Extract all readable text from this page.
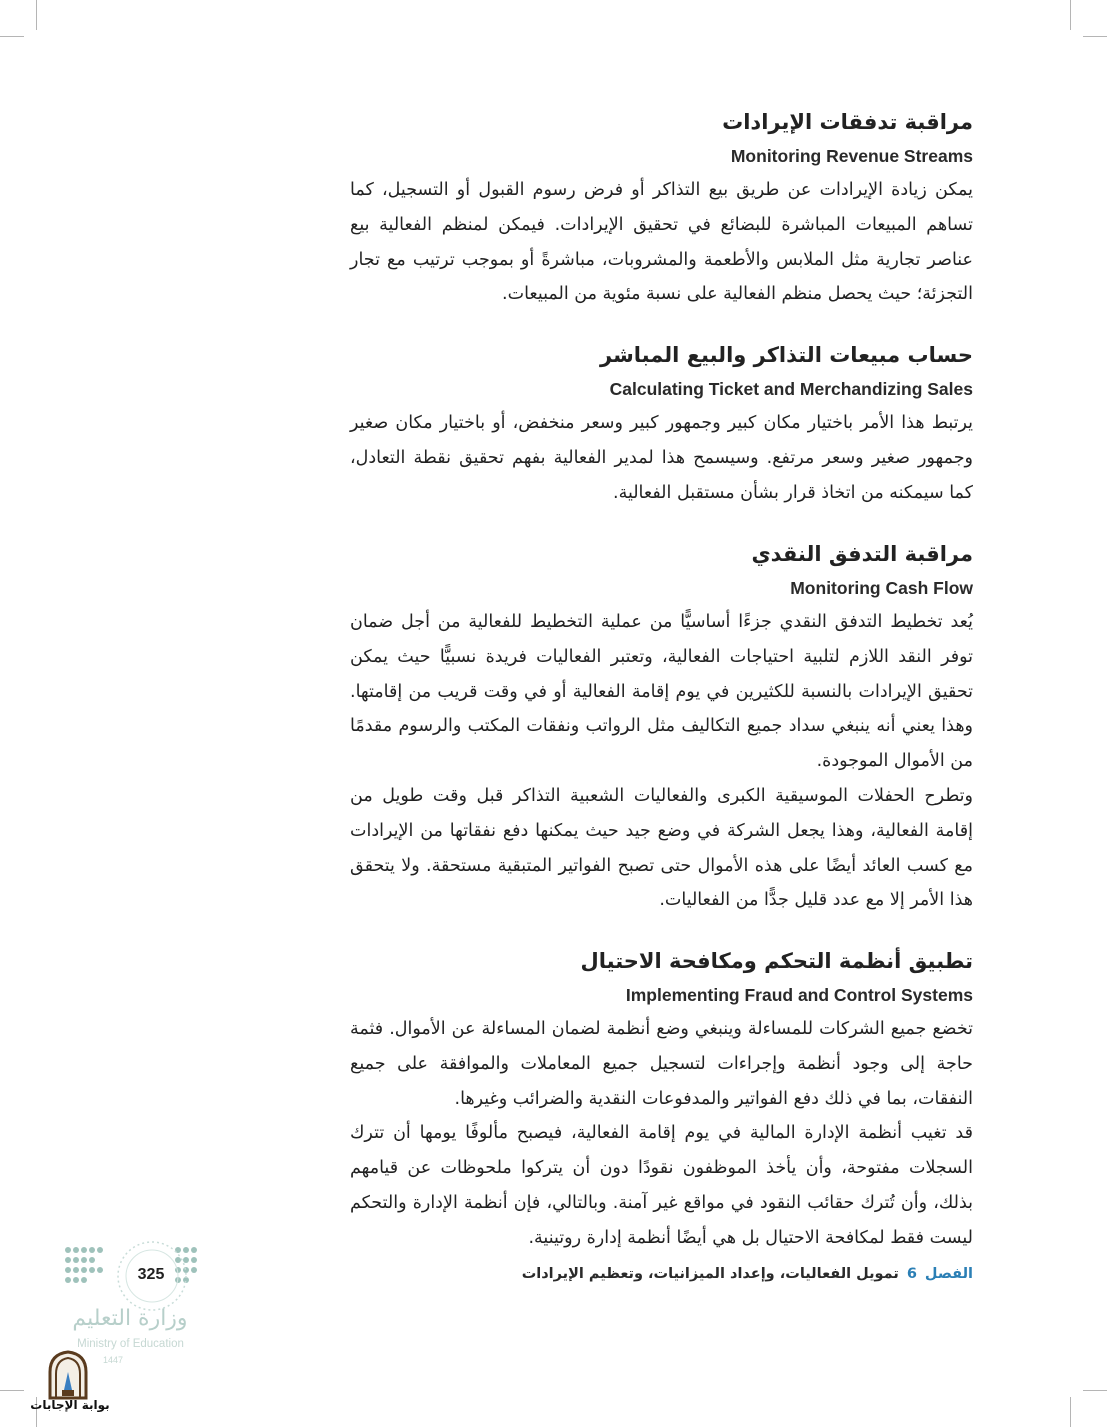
مراقبة تدفقات الإيرادات
Monitoring Revenue Streams

يمكن زيادة الإيرادات عن طريق بيع التذاكر أو فرض رسوم القبول أو التسجيل، كما تساهم المبيعات المباشرة للبضائع في تحقيق الإيرادات. فيمكن لمنظم الفعالية بيع عناصر تجارية مثل الملابس والأطعمة والمشروبات، مباشرةً أو بموجب ترتيب مع تجار التجزئة؛ حيث يحصل منظم الفعالية على نسبة مئوية من المبيعات.

حساب مبيعات التذاكر والبيع المباشر
Calculating Ticket and Merchandizing Sales

يرتبط هذا الأمر باختيار مكان كبير وجمهور كبير وسعر منخفض، أو باختيار مكان صغير وجمهور صغير وسعر مرتفع. وسيسمح هذا لمدير الفعالية بفهم تحقيق نقطة التعادل، كما سيمكنه من اتخاذ قرار بشأن مستقبل الفعالية.

مراقبة التدفق النقدي
Monitoring Cash Flow

يُعد تخطيط التدفق النقدي جزءًا أساسيًّا من عملية التخطيط للفعالية من أجل ضمان توفر النقد اللازم لتلبية احتياجات الفعالية، وتعتبر الفعاليات فريدة نسبيًّا حيث يمكن تحقيق الإيرادات بالنسبة للكثيرين في يوم إقامة الفعالية أو في وقت قريب من إقامتها. وهذا يعني أنه ينبغي سداد جميع التكاليف مثل الرواتب ونفقات المكتب والرسوم مقدمًا من الأموال الموجودة.

وتطرح الحفلات الموسيقية الكبرى والفعاليات الشعبية التذاكر قبل وقت طويل من إقامة الفعالية، وهذا يجعل الشركة في وضع جيد حيث يمكنها دفع نفقاتها من الإيرادات مع كسب العائد أيضًا على هذه الأموال حتى تصبح الفواتير المتبقية مستحقة. ولا يتحقق هذا الأمر إلا مع عدد قليل جدًّا من الفعاليات.

تطبيق أنظمة التحكم ومكافحة الاحتيال
Implementing Fraud and Control Systems

تخضع جميع الشركات للمساءلة وينبغي وضع أنظمة لضمان المساءلة عن الأموال. فثمة حاجة إلى وجود أنظمة وإجراءات لتسجيل جميع المعاملات والموافقة على جميع النفقات، بما في ذلك دفع الفواتير والمدفوعات النقدية والضرائب وغيرها.

قد تغيب أنظمة الإدارة المالية في يوم إقامة الفعالية، فيصبح مألوفًا يومها أن تترك السجلات مفتوحة، وأن يأخذ الموظفون نقودًا دون أن يتركوا ملحوظات عن قيامهم بذلك، وأن تُترك حقائب النقود في مواقع غير آمنة. وبالتالي، فإن أنظمة الإدارة والتحكم ليست فقط لمكافحة الاحتيال بل هي أيضًا أنظمة إدارة روتينية.

الفصل6تمويل الفعاليات، وإعداد الميزانيات، وتعظيم الإيرادات
325
وزارة التعليم
Ministry of Education
1447
بوابة الإجابات
